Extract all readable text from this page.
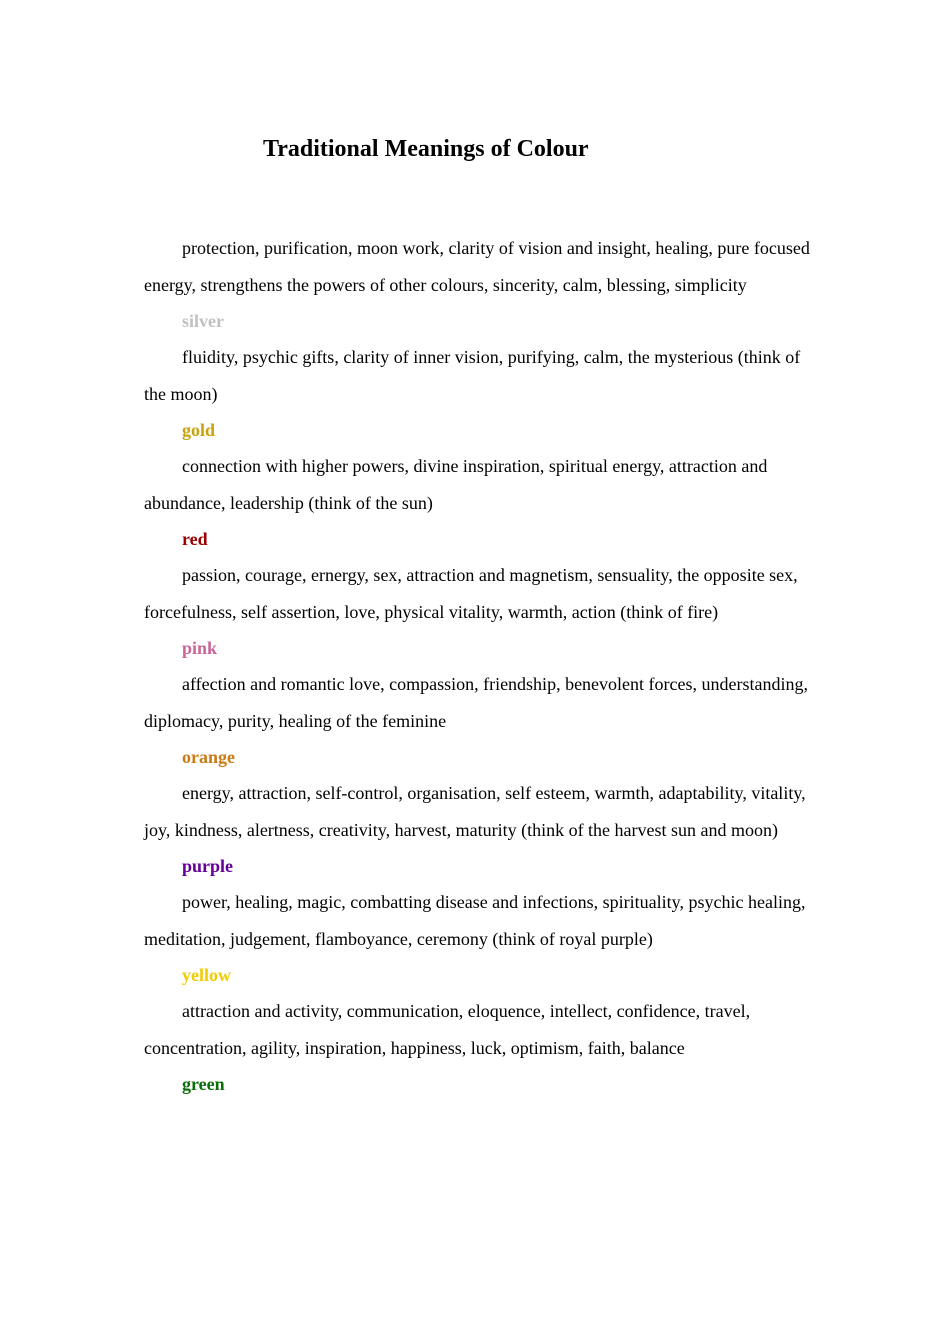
Traditional Meanings of Colour

protection, purification, moon work, clarity of vision and insight, healing, pure focused energy, strengthens the powers of other colours, sincerity, calm, blessing, simplicity

silver

fluidity, psychic gifts, clarity of inner vision, purifying, calm, the mysterious (think of the moon)

gold

connection with higher powers, divine inspiration, spiritual energy, attraction and abundance, leadership (think of the sun)

red

passion, courage, ernergy, sex, attraction and magnetism, sensuality, the opposite sex, forcefulness, self assertion, love, physical vitality, warmth, action (think of fire)

pink

affection and romantic love, compassion, friendship, benevolent forces, understanding, diplomacy, purity, healing of the feminine

orange

energy, attraction, self-control, organisation, self esteem, warmth, adaptability, vitality, joy, kindness, alertness, creativity, harvest, maturity (think of the harvest sun and moon)

purple

power, healing, magic, combatting disease and infections, spirituality, psychic healing, meditation, judgement, flamboyance, ceremony (think of royal purple)

yellow

attraction and activity, communication, eloquence, intellect, confidence, travel, concentration, agility, inspiration, happiness, luck, optimism, faith, balance

green
